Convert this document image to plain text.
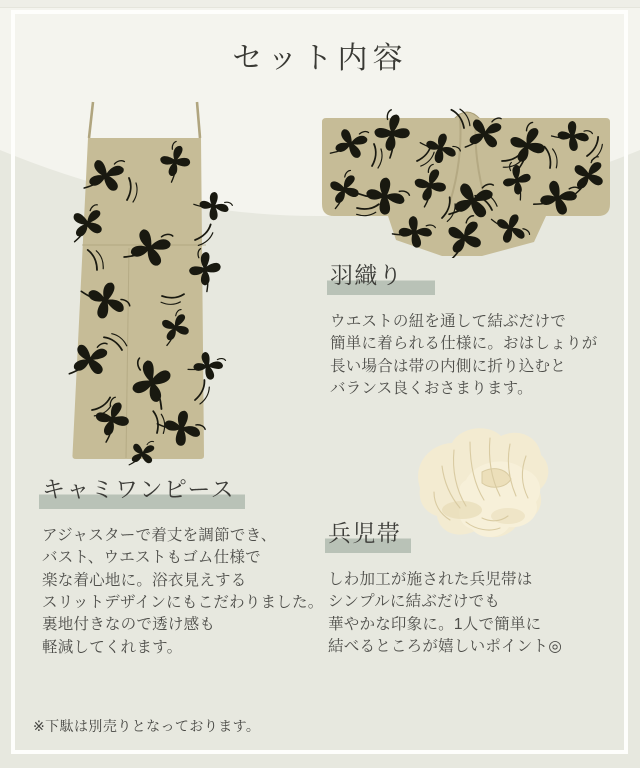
セット内容
羽織り
ウエストの紐を通して結ぶだけで
簡単に着られる仕様に。おはしょりが
長い場合は帯の内側に折り込むと
バランス良くおさまります。
キャミワンピース
アジャスターで着丈を調節でき、
バスト、ウエストもゴム仕様で
楽な着心地に。浴衣見えする
スリットデザインにもこだわりました。
裏地付きなので透け感も
軽減してくれます。
兵児帯
しわ加工が施された兵児帯は
シンプルに結ぶだけでも
華やかな印象に。1人で簡単に
結べるところが嬉しいポイント◎
※下駄は別売りとなっております。
